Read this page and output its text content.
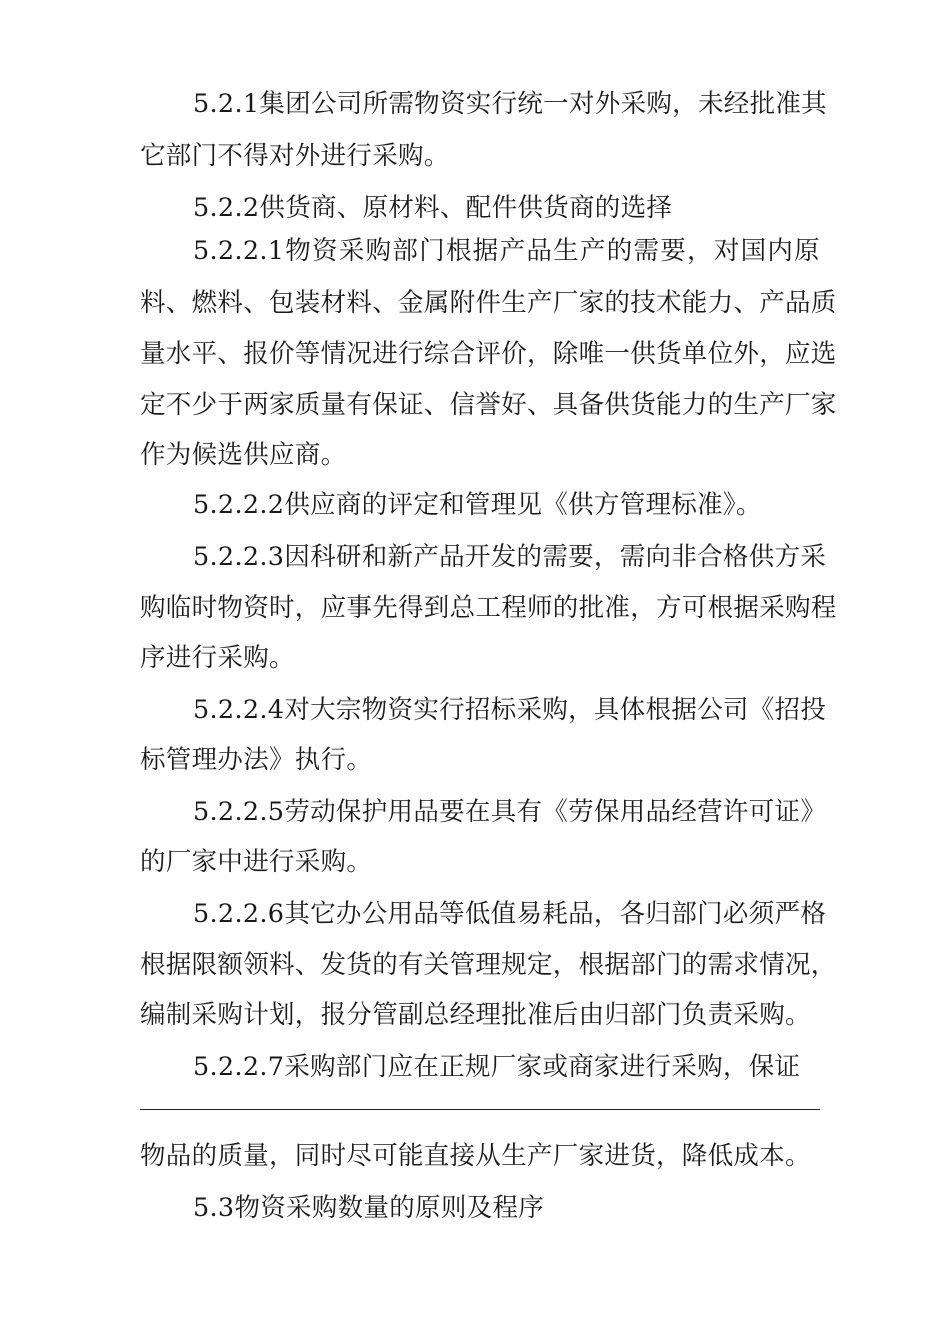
5.2.1集团公司所需物资实行统一对外采购，未经批准其
它部门不得对外进行采购。
5.2.2供货商、原材料、配件供货商的选择
5.2.2.1物资采购部门根据产品生产的需要，对国内原
料、燃料、包装材料、金属附件生产厂家的技术能力、产品质
量水平、报价等情况进行综合评价，除唯一供货单位外，应选
定不少于两家质量有保证、信誉好、具备供货能力的生产厂家
作为候选供应商。
5.2.2.2供应商的评定和管理见《供方管理标准》。
5.2.2.3因科研和新产品开发的需要，需向非合格供方采
购临时物资时，应事先得到总工程师的批准，方可根据采购程
序进行采购。
5.2.2.4对大宗物资实行招标采购，具体根据公司《招投
标管理办法》执行。
5.2.2.5劳动保护用品要在具有《劳保用品经营许可证》
的厂家中进行采购。
5.2.2.6其它办公用品等低值易耗品，各归部门必须严格
根据限额领料、发货的有关管理规定，根据部门的需求情况，
编制采购计划，报分管副总经理批准后由归部门负责采购。
5.2.2.7采购部门应在正规厂家或商家进行采购，保证
物品的质量，同时尽可能直接从生产厂家进货，降低成本。
5.3物资采购数量的原则及程序
